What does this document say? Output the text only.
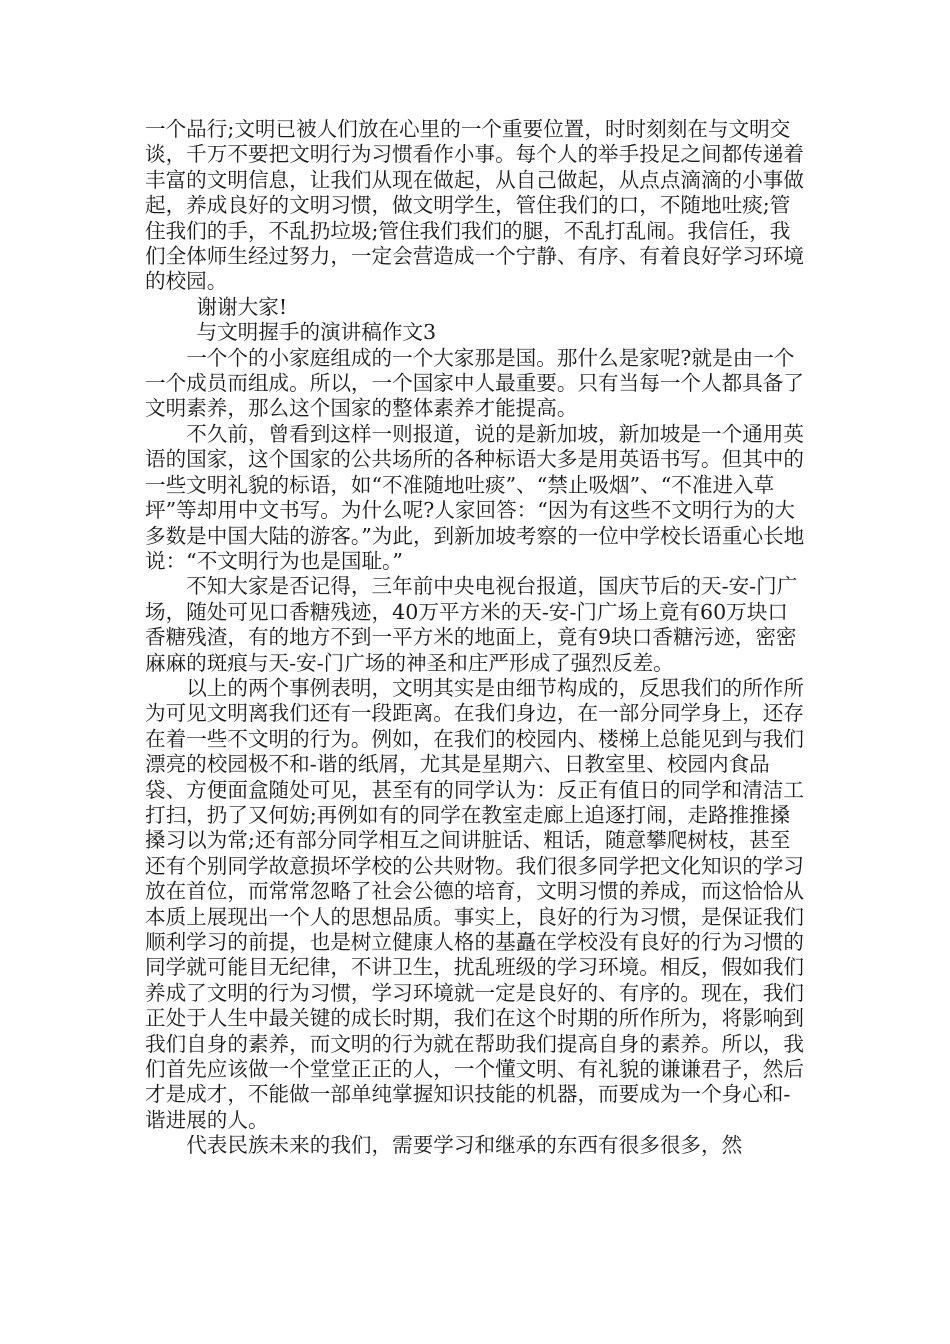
一个品行;文明已被人们放在心里的一个重要位置，时时刻刻在与文明交谈，千万不要把文明行为习惯看作小事。每个人的举手投足之间都传递着丰富的文明信息，让我们从现在做起，从自己做起，从点点滴滴的小事做起，养成良好的文明习惯，做文明学生，管住我们的口，不随地吐痰;管住我们的手，不乱扔垃圾;管住我们我们的腿，不乱打乱闹。我信任，我们全体师生经过努力，一定会营造成一个宁静、有序、有着良好学习环境的校园。

谢谢大家!

与文明握手的演讲稿作文3

一个个的小家庭组成的一个大家那是国。那什么是家呢?就是由一个一个成员而组成。所以，一个国家中人最重要。只有当每一个人都具备了文明素养，那么这个国家的整体素养才能提高。

不久前，曾看到这样一则报道，说的是新加坡，新加坡是一个通用英语的国家，这个国家的公共场所的各种标语大多是用英语书写。但其中的一些文明礼貌的标语，如“不准随地吐痰”、“禁止吸烟”、“不准进入草坪”等却用中文书写。为什么呢?人家回答：“因为有这些不文明行为的大多数是中国大陆的游客。”为此，到新加坡考察的一位中学校长语重心长地说：“不文明行为也是国耻。”

不知大家是否记得，三年前中央电视台报道，国庆节后的天-安-门广场，随处可见口香糖残迹，40万平方米的天-安-门广场上竟有60万块口香糖残渣，有的地方不到一平方米的地面上，竟有9块口香糖污迹，密密麻麻的斑痕与天-安-门广场的神圣和庄严形成了强烈反差。

以上的两个事例表明，文明其实是由细节构成的，反思我们的所作所为可见文明离我们还有一段距离。在我们身边，在一部分同学身上，还存在着一些不文明的行为。例如，在我们的校园内、楼梯上总能见到与我们漂亮的校园极不和-谐的纸屑，尤其是星期六、日教室里、校园内食品袋、方便面盒随处可见，甚至有的同学认为：反正有值日的同学和清洁工打扫，扔了又何妨;再例如有的同学在教室走廊上追逐打闹，走路推推搡搡习以为常;还有部分同学相互之间讲脏话、粗话，随意攀爬树枝，甚至还有个别同学故意损坏学校的公共财物。我们很多同学把文化知识的学习放在首位，而常常忽略了社会公德的培育，文明习惯的养成，而这恰恰从本质上展现出一个人的思想品质。事实上，良好的行为习惯，是保证我们顺利学习的前提，也是树立健康人格的基矗在学校没有良好的行为习惯的同学就可能目无纪律，不讲卫生，扰乱班级的学习环境。相反，假如我们养成了文明的行为习惯，学习环境就一定是良好的、有序的。现在，我们正处于人生中最关键的成长时期，我们在这个时期的所作所为，将影响到我们自身的素养，而文明的行为就在帮助我们提高自身的素养。所以，我们首先应该做一个堂堂正正的人，一个懂文明、有礼貌的谦谦君子，然后才是成才，不能做一部单纯掌握知识技能的机器，而要成为一个身心和-谐进展的人。

代表民族未来的我们，需要学习和继承的东西有很多很多，然
